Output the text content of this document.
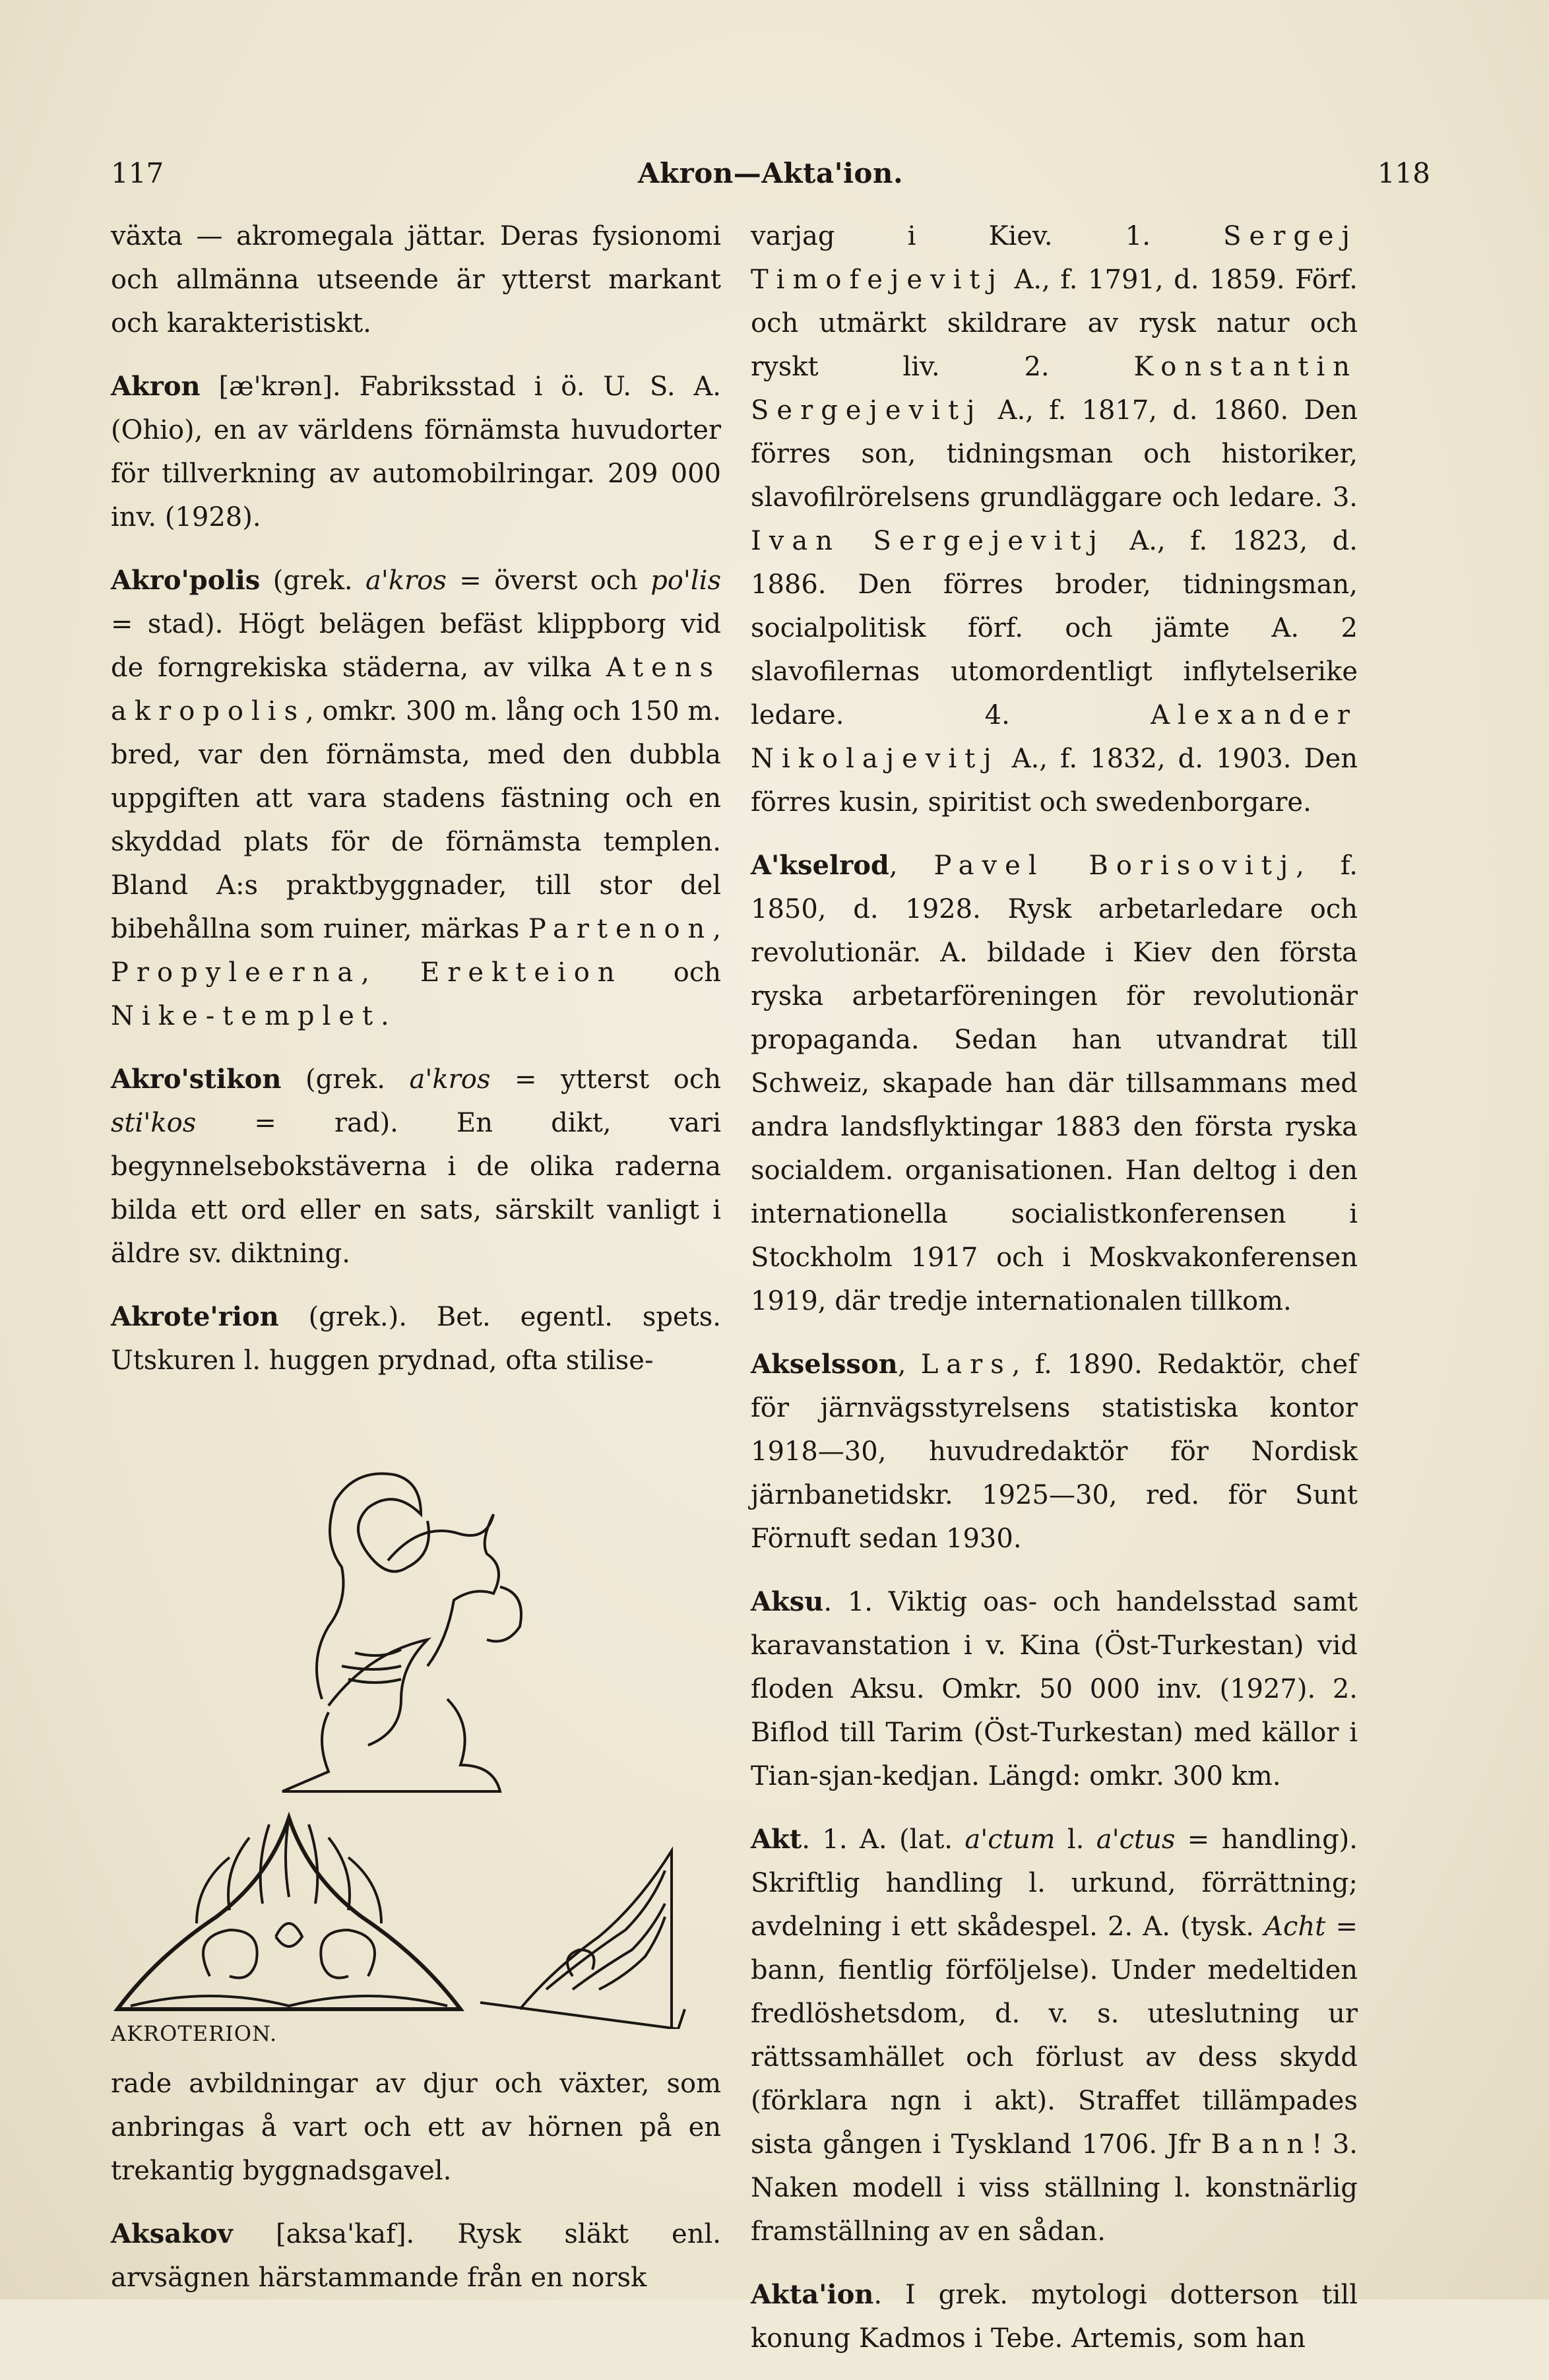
117	Akron—Akta'ion.	118

växta — akromegala jättar. Deras fysionomi och allmänna utseende är ytterst markant och karakteristiskt.

Akron [æ'krən]. Fabriksstad i ö. U. S. A. (Ohio), en av världens förnämsta huvudorter för tillverkning av automobilringar. 209 000 inv. (1928).

Akro'polis (grek. a'kros = överst och po'lis = stad). Högt belägen befäst klippborg vid de forngrekiska städerna, av vilka Atens akropolis, omkr. 300 m. lång och 150 m. bred, var den förnämsta, med den dubbla uppgiften att vara stadens fästning och en skyddad plats för de förnämsta templen. Bland A:s praktbyggnader, till stor del bibehållna som ruiner, märkas Partenon, Propyleerna, Erekteion och Nike-templet.

Akro'stikon (grek. a'kros = ytterst och sti'kos = rad). En dikt, vari begynnelsebokstäverna i de olika raderna bilda ett ord eller en sats, särskilt vanligt i äldre sv. diktning.

Akrote'rion (grek.). Bet. egentl. spets. Utskuren l. huggen prydnad, ofta stilise-

AKROTERION.

rade avbildningar av djur och växter, som anbringas å vart och ett av hörnen på en trekantig byggnadsgavel.

Aksakov [aksa'kaf]. Rysk släkt enl. arvsägnen härstammande från en norsk

varjag i Kiev. 1. Sergej Timofejevitj A., f. 1791, d. 1859. Förf. och utmärkt skildrare av rysk natur och ryskt liv. 2. Konstantin Sergejevitj A., f. 1817, d. 1860. Den förres son, tidningsman och historiker, slavofilrörelsens grundläggare och ledare. 3. Ivan Sergejevitj A., f. 1823, d. 1886. Den förres broder, tidningsman, socialpolitisk förf. och jämte A. 2 slavofilernas utomordentligt inflytelserike ledare. 4. Alexander Nikolajevitj A., f. 1832, d. 1903. Den förres kusin, spiritist och swedenborgare.

A'kselrod, Pavel Borisovitj, f. 1850, d. 1928. Rysk arbetarledare och revolutionär. A. bildade i Kiev den första ryska arbetarföreningen för revolutionär propaganda. Sedan han utvandrat till Schweiz, skapade han där tillsammans med andra landsflyktingar 1883 den första ryska socialdem. organisationen. Han deltog i den internationella socialistkonferensen i Stockholm 1917 och i Moskvakonferensen 1919, där tredje internationalen tillkom.

Akselsson, Lars, f. 1890. Redaktör, chef för järnvägsstyrelsens statistiska kontor 1918—30, huvudredaktör för Nordisk järnbanetidskr. 1925—30, red. för Sunt Förnuft sedan 1930.

Aksu. 1. Viktig oas- och handelsstad samt karavanstation i v. Kina (Öst-Turkestan) vid floden Aksu. Omkr. 50 000 inv. (1927). 2. Biflod till Tarim (Öst-Turkestan) med källor i Tian-sjan-kedjan. Längd: omkr. 300 km.

Akt. 1. A. (lat. a'ctum l. a'ctus = handling). Skriftlig handling l. urkund, förrättning; avdelning i ett skådespel. 2. A. (tysk. Acht = bann, fientlig förföljelse). Under medeltiden fredlöshetsdom, d. v. s. uteslutning ur rättssamhället och förlust av dess skydd (förklara ngn i akt). Straffet tillämpades sista gången i Tyskland 1706. Jfr Bann! 3. Naken modell i viss ställning l. konstnärlig framställning av en sådan.

Akta'ion. I grek. mytologi dotterson till konung Kadmos i Tebe. Artemis, som han
